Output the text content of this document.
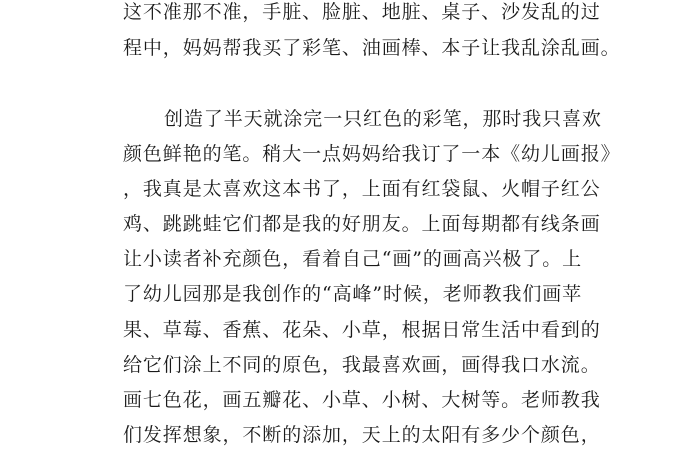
这不准那不准，手脏、脸脏、地脏、桌子、沙发乱的过
程中，妈妈帮我买了彩笔、油画棒、本子让我乱涂乱画。
创造了半天就涂完一只红色的彩笔，那时我只喜欢
颜色鲜艳的笔。稍大一点妈妈给我订了一本《幼儿画报》
，我真是太喜欢这本书了，上面有红袋鼠、火帽子红公
鸡、跳跳蛙它们都是我的好朋友。上面每期都有线条画
让小读者补充颜色，看着自己“画”的画高兴极了。上
了幼儿园那是我创作的“高峰”时候，老师教我们画苹
果、草莓、香蕉、花朵、小草，根据日常生活中看到的
给它们涂上不同的原色，我最喜欢画，画得我口水流。
画七色花，画五瓣花、小草、小树、大树等。老师教我
们发挥想象，不断的添加，天上的太阳有多少个颜色，
